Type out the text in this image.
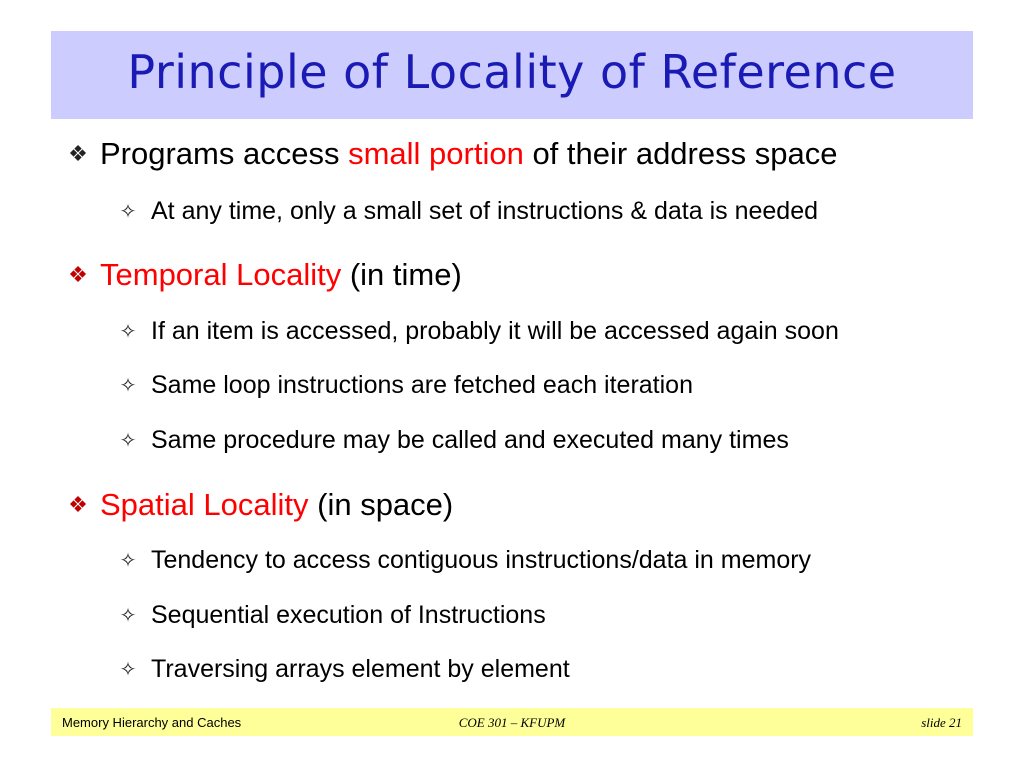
Principle of Locality of Reference
❖ Programs access small portion of their address space
✧ At any time, only a small set of instructions & data is needed
❖ Temporal Locality (in time)
✧ If an item is accessed, probably it will be accessed again soon
✧ Same loop instructions are fetched each iteration
✧ Same procedure may be called and executed many times
❖ Spatial Locality (in space)
✧ Tendency to access contiguous instructions/data in memory
✧ Sequential execution of Instructions
✧ Traversing arrays element by element
Memory Hierarchy and Caches	COE 301 – KFUPM	slide 21
